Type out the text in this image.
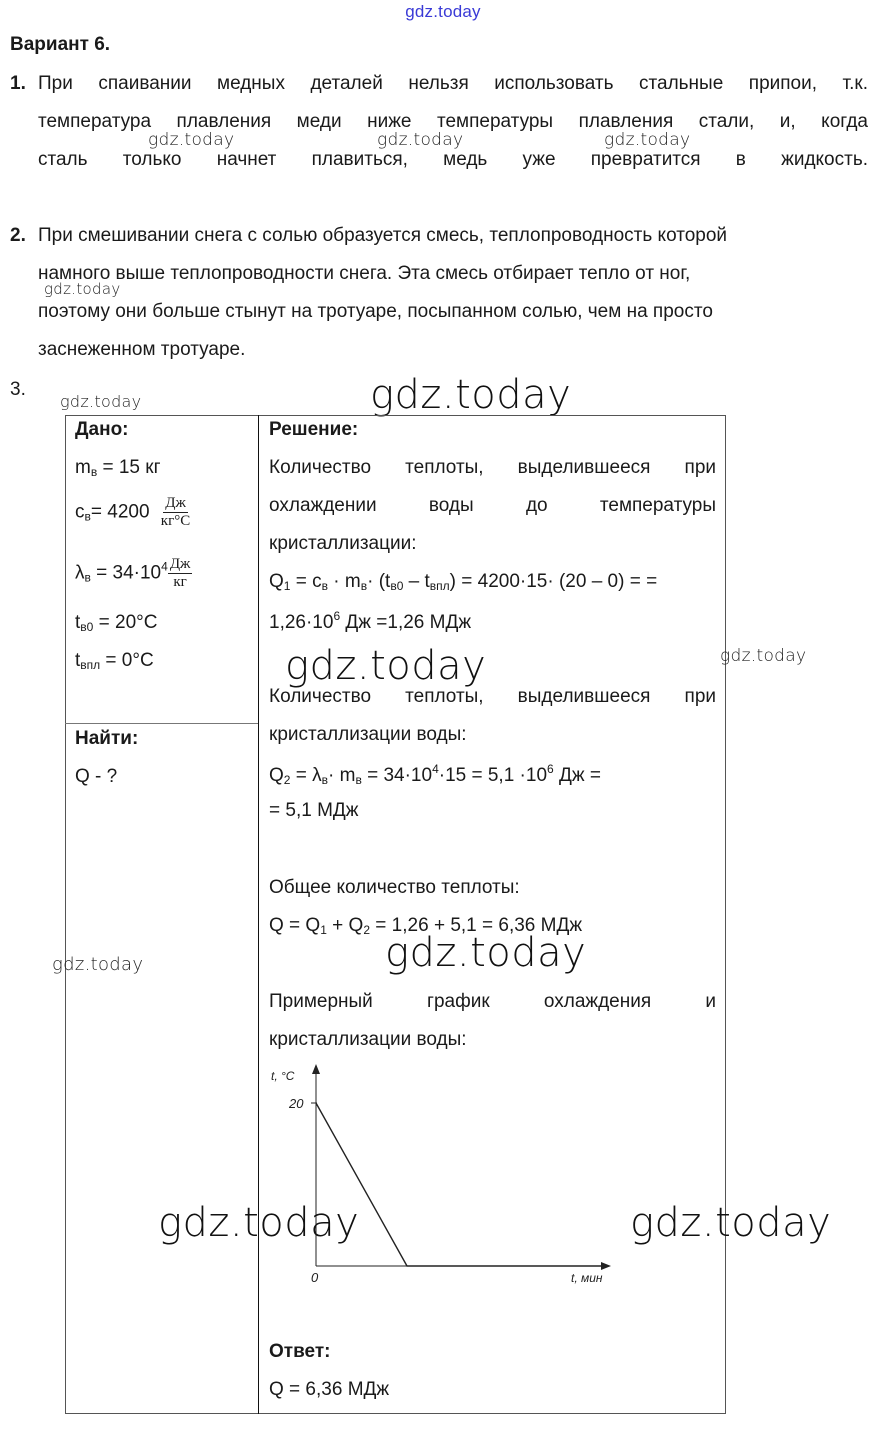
gdz.today
Вариант 6.
1. При спаивании медных деталей нельзя использовать стальные припои, т.к.
температура плавления меди ниже температуры плавления стали, и, когда
сталь только начнет плавиться, медь уже превратится в жидкость.
gdz.today	gdz.today	gdz.today
2. При смешивании снега с солью образуется смесь, теплопроводность которой
намного выше теплопроводности снега. Эта смесь отбирает тепло от ног,
поэтому они больше стынут на тротуаре, посыпанном солью, чем на просто
заснеженном тротуаре.
gdz.today
3.
gdz.today	gdz.today
Дано:
$m_в = 15$ кг
$c_в= 4200 \frac{Дж}{кг^\circ C}$
$\lambda_в = 34\cdot 10^4 \frac{Дж}{кг}$
$t_{в0} = 20^\circ C$
$t_{впл} = 0^\circ C$
Найти:
Q - ?
Решение:
Количество теплоты, выделившееся при
охлаждении воды до температуры
кристаллизации:
$Q_1 = c_в \cdot m_в\cdot (t_{в0} - t_{впл}) = 4200\cdot 15\cdot (20 - 0)$ = =
$1,26\cdot 10^6$ Дж =1,26 МДж
gdz.today	gdz.today
Количество теплоты, выделившееся при
кристаллизации воды:
$Q_2 = \lambda_в\cdot m_в = 34\cdot 10^4\cdot 15 = 5,1 \cdot 10^6$ Дж =
= 5,1 МДж
Общее количество теплоты:
$Q = Q_1 + Q_2 = 1,26 + 5,1 = 6,36$ МДж
gdz.today
gdz.today
Примерный график охлаждения и
кристаллизации воды:
t, °C
20
0	t, мин
gdz.today	gdz.today
Ответ:
Q = 6,36 МДж
